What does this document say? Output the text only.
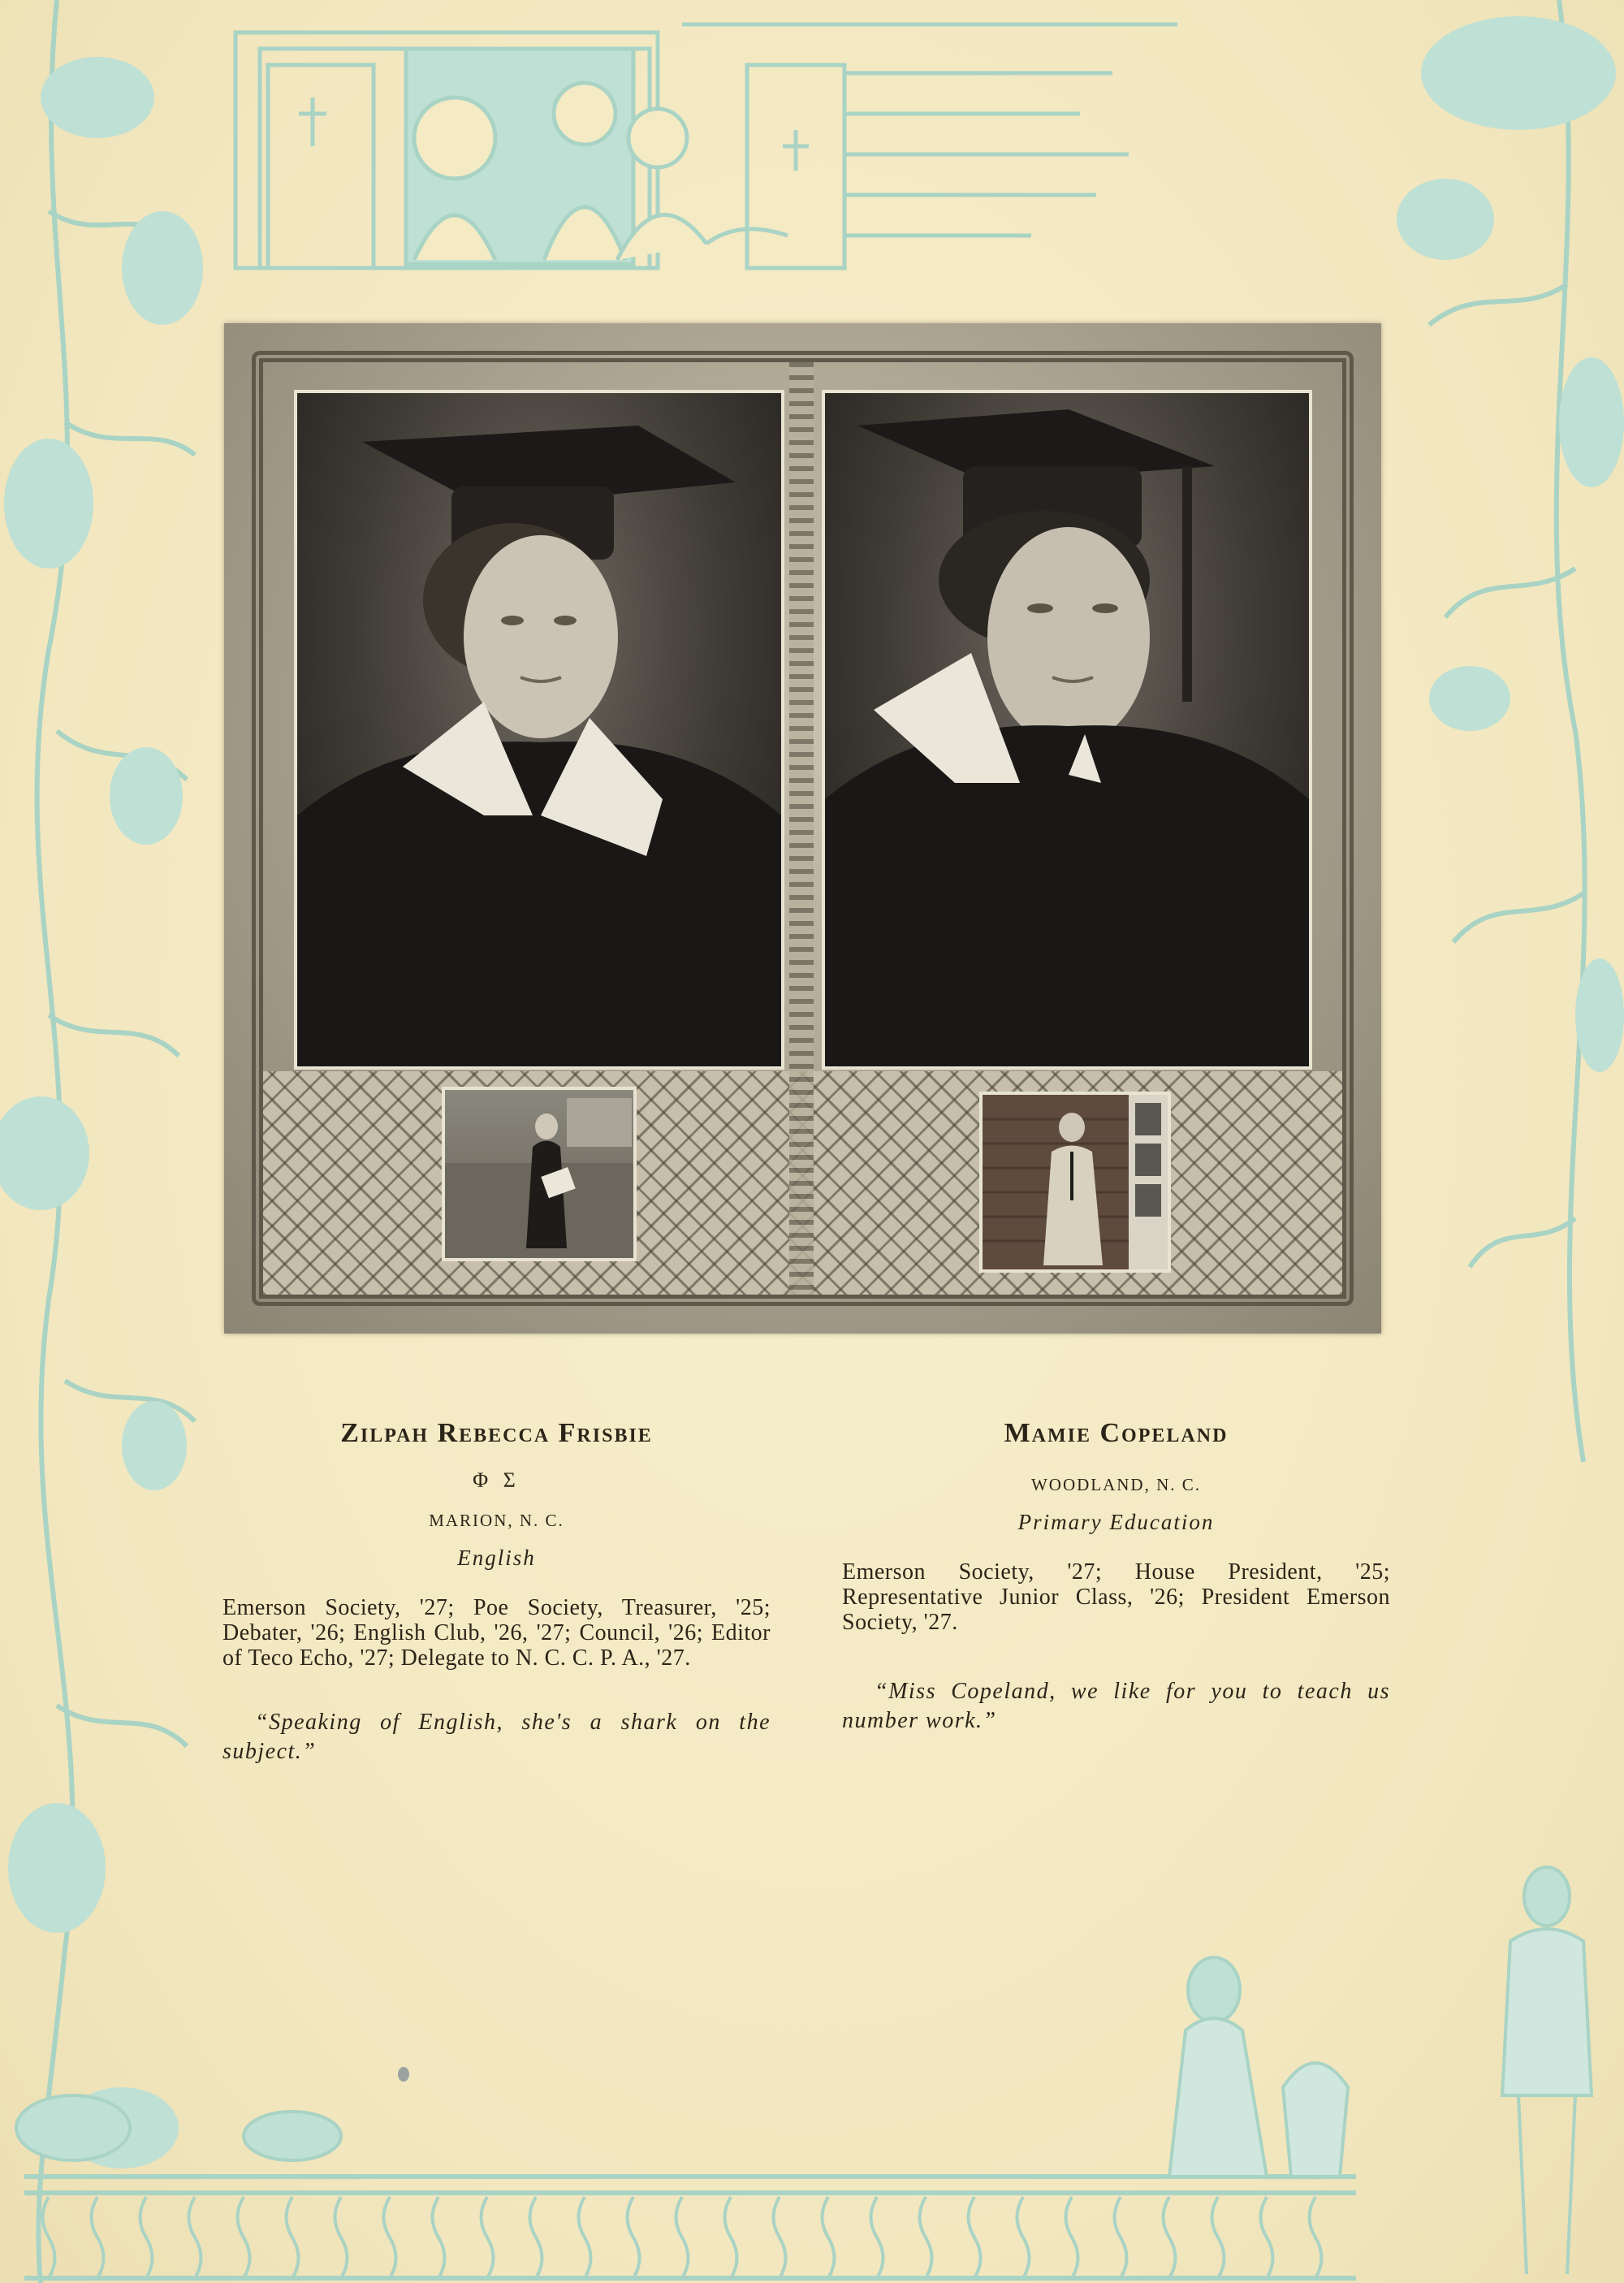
Zilpah Rebecca Frisbie
Φ Σ
MARION, N. C.
English
Emerson Society, '27; Poe Society, Treasurer, '25; Debater, '26; English Club, '26, '27; Council, '26; Editor of Teco Echo, '27; Delegate to N. C. C. P. A., '27.
“Speaking of English, she's a shark on the subject.”
Mamie Copeland
WOODLAND, N. C.
Primary Education
Emerson Society, '27; House President, '25; Representative Junior Class, '26; President Emerson Society, '27.
“Miss Copeland, we like for you to teach us number work.”
